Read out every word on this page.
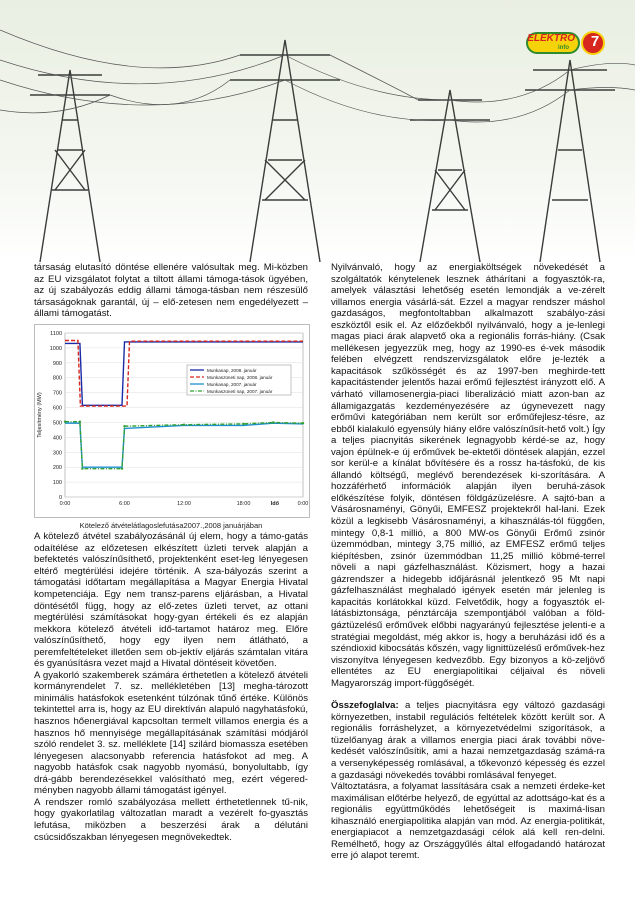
ELEKTRO
info	7

társaság elutasító döntése ellenére valósultak meg. Mi-közben az EU vizsgálatot folytat a tiltott állami támoga-tások ügyében, az új szabályozás eddig állami támoga-tásban nem részesülő társaságoknak garantál, új – elő-zetesen nem engedélyezett – állami támogatást.

0
100
200
300
400
500
600
700
800
900
1000
1100
0:00	6:00	12:00	18:00	0:00
Idő
Teljesítmény (MW)
Munkanap, 2008. január
Munkaszüneti nap, 2008. január
Munkanap, 2007. január
Munkaszüneti nap, 2007. január

Kötelező átvételátlagoslefutása2007.,2008 januárjában

A kötelező átvétel szabályozásánál új elem, hogy a támo-gatás odaítélése az előzetesen elkészített üzleti tervek alapján a befektetés valószínűsíthető, projektenként eset-leg lényegesen eltérő megtérülési idejére történik. A sza-bályozás szerint a támogatási időtartam megállapítása a Magyar Energia Hivatal kompetenciája. Egy nem transz-parens eljárásban, a Hivatal döntésétől függ, hogy az elő-zetes üzleti tervet, az ottani megtérülési számításokat hogy-gyan értékeli és ez alapján mekkora kötelező átvételi idő-tartamot határoz meg. Előre valószínűsíthető, hogy egy ilyen nem átlátható, a peremfeltételeket illetően sem ob-jektív eljárás számtalan vitára és gyanúsításra vezet majd a Hivatal döntéseit követően.

A gyakorló szakemberek számára érthetetlen a kötelező átvételi kormányrendelet 7. sz. mellékletében [13] megha-tározott minimális hatásfokok esetenként túlzónak tűnő értéke. Különös tekintettel arra is, hogy az EU direktíván alapuló nagyhatásfokú, hasznos hőenergiával kapcsoltan termelt villamos energia és a hasznos hő mennyisége megállapításának számítási módjáról szóló rendelet 3. sz. melléklete [14] szilárd biomassza esetében lényegesen alacsonyabb referencia hatásfokot ad meg. A nagyobb hatásfok csak nagyobb nyomású, bonyolultabb, így drá-gább berendezésekkel valósítható meg, ezért végered-ményben nagyobb állami támogatást igényel.

A rendszer romló szabályozása mellett érthetetlennek tű-nik, hogy gyakorlatilag változatlan maradt a vezérelt fo-gyasztás lefutása, miközben a beszerzési árak a délutáni csúcsidőszakban lényegesen megnövekedtek.

Nyilvánvaló, hogy az energiaköltségek növekedését a szolgáltatók kénytelenek lesznek áthárítani a fogyasztók-ra, amelyek választási lehetőség esetén lemondják a ve-zérelt villamos energia vásárlá-sát. Ezzel a magyar rendszer máshol gazdaságos, megfontoltabban alkalmazott szabályo-zási eszköztől esik el. Az előzőekből nyilvánvaló, hogy a je-lenlegi magas piaci árak alapvető oka a regionális forrás-hiány. (Csak mellékesen jegyezzük meg, hogy az 1990-es é-vek második felében elvégzett rendszervizsgálatok előre je-lezték a kapacitások szűkösségét és az 1997-ben meghirde-tett kapacitástender jelentős hazai erőmű fejlesztést irányzott elő. A várható villamosenergia-piaci liberalizáció miatt azon-ban az államigazgatás kezdeményezésére az úgynevezett nagy erőművi kategóriában nem került sor erőműfejlesz-tésre, az ebből kialakuló egyensúly hiány előre valószínűsít-hető volt.) Így a teljes piacnyitás sikerének legnagyobb kérdé-se az, hogy vajon épülnek-e új erőművek be-ektetői döntések alapján, ezzel sor kerül-e a kínálat bővítésére és a rossz ha-tásfokú, de kis állandó költségű, meglévő berendezések ki-szorítására. A hozzáférhető információk alapján ilyen beruhá-zások előkészítése folyik, döntésen földgázüzelésre. A sajtó-ban a Vásárosnaményi, Gönyűi, EMFESZ projektekről hal-lani. Ezek közül a legkisebb Vásárosnaményi, a kihasználás-tól függően, mintegy 0,8-1 millió, a 800 MW-os Gönyűi Erőmű zsinór üzemmódban, mintegy 3,75 millió, az EMFESZ erőmű teljes kiépítésben, zsinór üzemmódban 11,25 millió köbmé-terrel növeli a napi gázfelhasználást. Közismert, hogy a hazai gázrendszer a hidegebb időjárásnál jelentkező 95 Mt napi gázfelhasználást meghaladó igények esetén már jelenleg is kapacitás korlátokkal küzd. Felvetődik, hogy a fogyasztók el-látásbiztonsága, pénztárcája szempontjából valóban a föld-gáztüzelésű erőművek előbbi nagyarányú fejlesztése jelenti-e a stratégiai megoldást, még akkor is, hogy a beruházási idő és a széndioxid kibocsátás kőszén, vagy lignittüzelésű erőművek-hez viszonyítva lényegesen kedvezőbb. Egy bizonyos a kö-zeljövő ellentétes az EU energiapolitikai céljaival és növeli Magyarország import-függőségét.

Összefoglalva: a teljes piacnyitásra egy változó gazdasági környezetben, instabil regulációs feltételek között került sor. A regionális forráshelyzet, a környezetvédelmi szigorítások, a tüzelőanyag árak a villamos energia piaci árak további növe-kedését valószínűsítik, ami a hazai nemzetgazdaság számá-ra a versenyképesség romlásával, a tőkevonzó képesség és ezzel a gazdasági növekedés további romlásával fenyeget.

Változtatásra, a folyamat lassítására csak a nemzeti érdeke-ket maximálisan előtérbe helyező, de egyúttal az adottságo-kat és a regionális együttműködés lehetőségeit is maximá-lisan kihasználó energiapolitika alapján van mód. Az energia-politikát, energiapiacot a nemzetgazdasági célok alá kell ren-delni. Remélhető, hogy az Országgyűlés által elfogadandó határozat erre jó alapot teremt.
